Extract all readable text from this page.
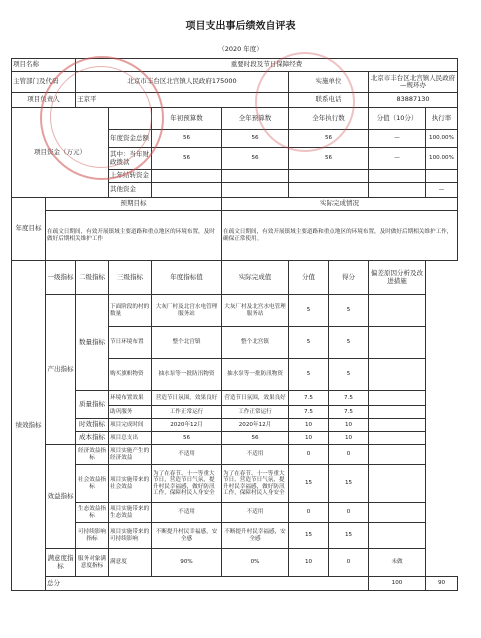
项目支出事后绩效自评表
（2020 年度）
项目名称		重要时段及节日保障经费								
主管部门及代码		北京市丰台区北宫镇人民政府175000				实施单位		北京市丰台区北宫镇人民政府—规环办		
项目负责人		王京平				联系电话		83887130		
项目资金（万元）				年初预算数	全年预算数	全年执行数		分值（10分）	执行率	
			年度资金总额	56	56	56		—	100.00%	
			其中：当年财政拨款	56	56	56		—	100.00%	
			上年结转资金							
			其他资金						—	
年度目标	预期目标				实际完成情况					
	在疏文日期间，有效开展镇域主要道路和重点地区的环境布置，及时做好后期相关维护工作				在疏文日期间，有效开展镇域主要道路和重点地区的环境布置，及时做好后期相关维护工作，确保正常使用。					
绩效指标	一级指标	二级指标	三级指标	年度指标值	实际完成值	分值	得分	偏差原因分析及改进措施		
	产出指标	数量指标	下面阶段的村的数量	大灰厂村及北宫水电管理服务站	大灰厂村及北宫水电管理服务站	5	5			
			节日环境布置	整个北宫镇	整个北宫镇	5	5			
			购买旗帜物资	抽水泵等一批防汛物资	抽水泵等一批防汛物资	5	5			
		质量指标	环境布置效果	营造节日氛围，效果良好	营造节日氛围，效果良好	7.5	7.5			
			助巩服务	工作正常运行	工作正常运行	7.5	7.5			
		时效指标	项目完成时间	2020年12月	2020年12月	10	10			
		成本指标	项目总支出	56	56	10	10			
	效益指标	经济效益指标	项目实施产生的经济效益	不适用	不适用	0	0			
		社会效益指标	项目实施带来的社会效益	为了在春节、十一等重大节日，营造节日气氛，提升村民幸福感，做好防汛工作，保障村民人身安全	为了在春节、十一等重大节日，营造节日气氛，提升村民幸福感，做好防汛工作，保障村民人身安全	15	15			
		生态效益指标	项目实施带来的生态效益	不适用	不适用	0	0			
		可持续影响指标	项目实施带来的可持续影响	不断提升村民幸福感，安全感	不断提升村民幸福感，安全感	15	15			
	满意度指标	服务对象满意度指标	满意度	90%	0%	10	0	未做		
	总分							100	90	
